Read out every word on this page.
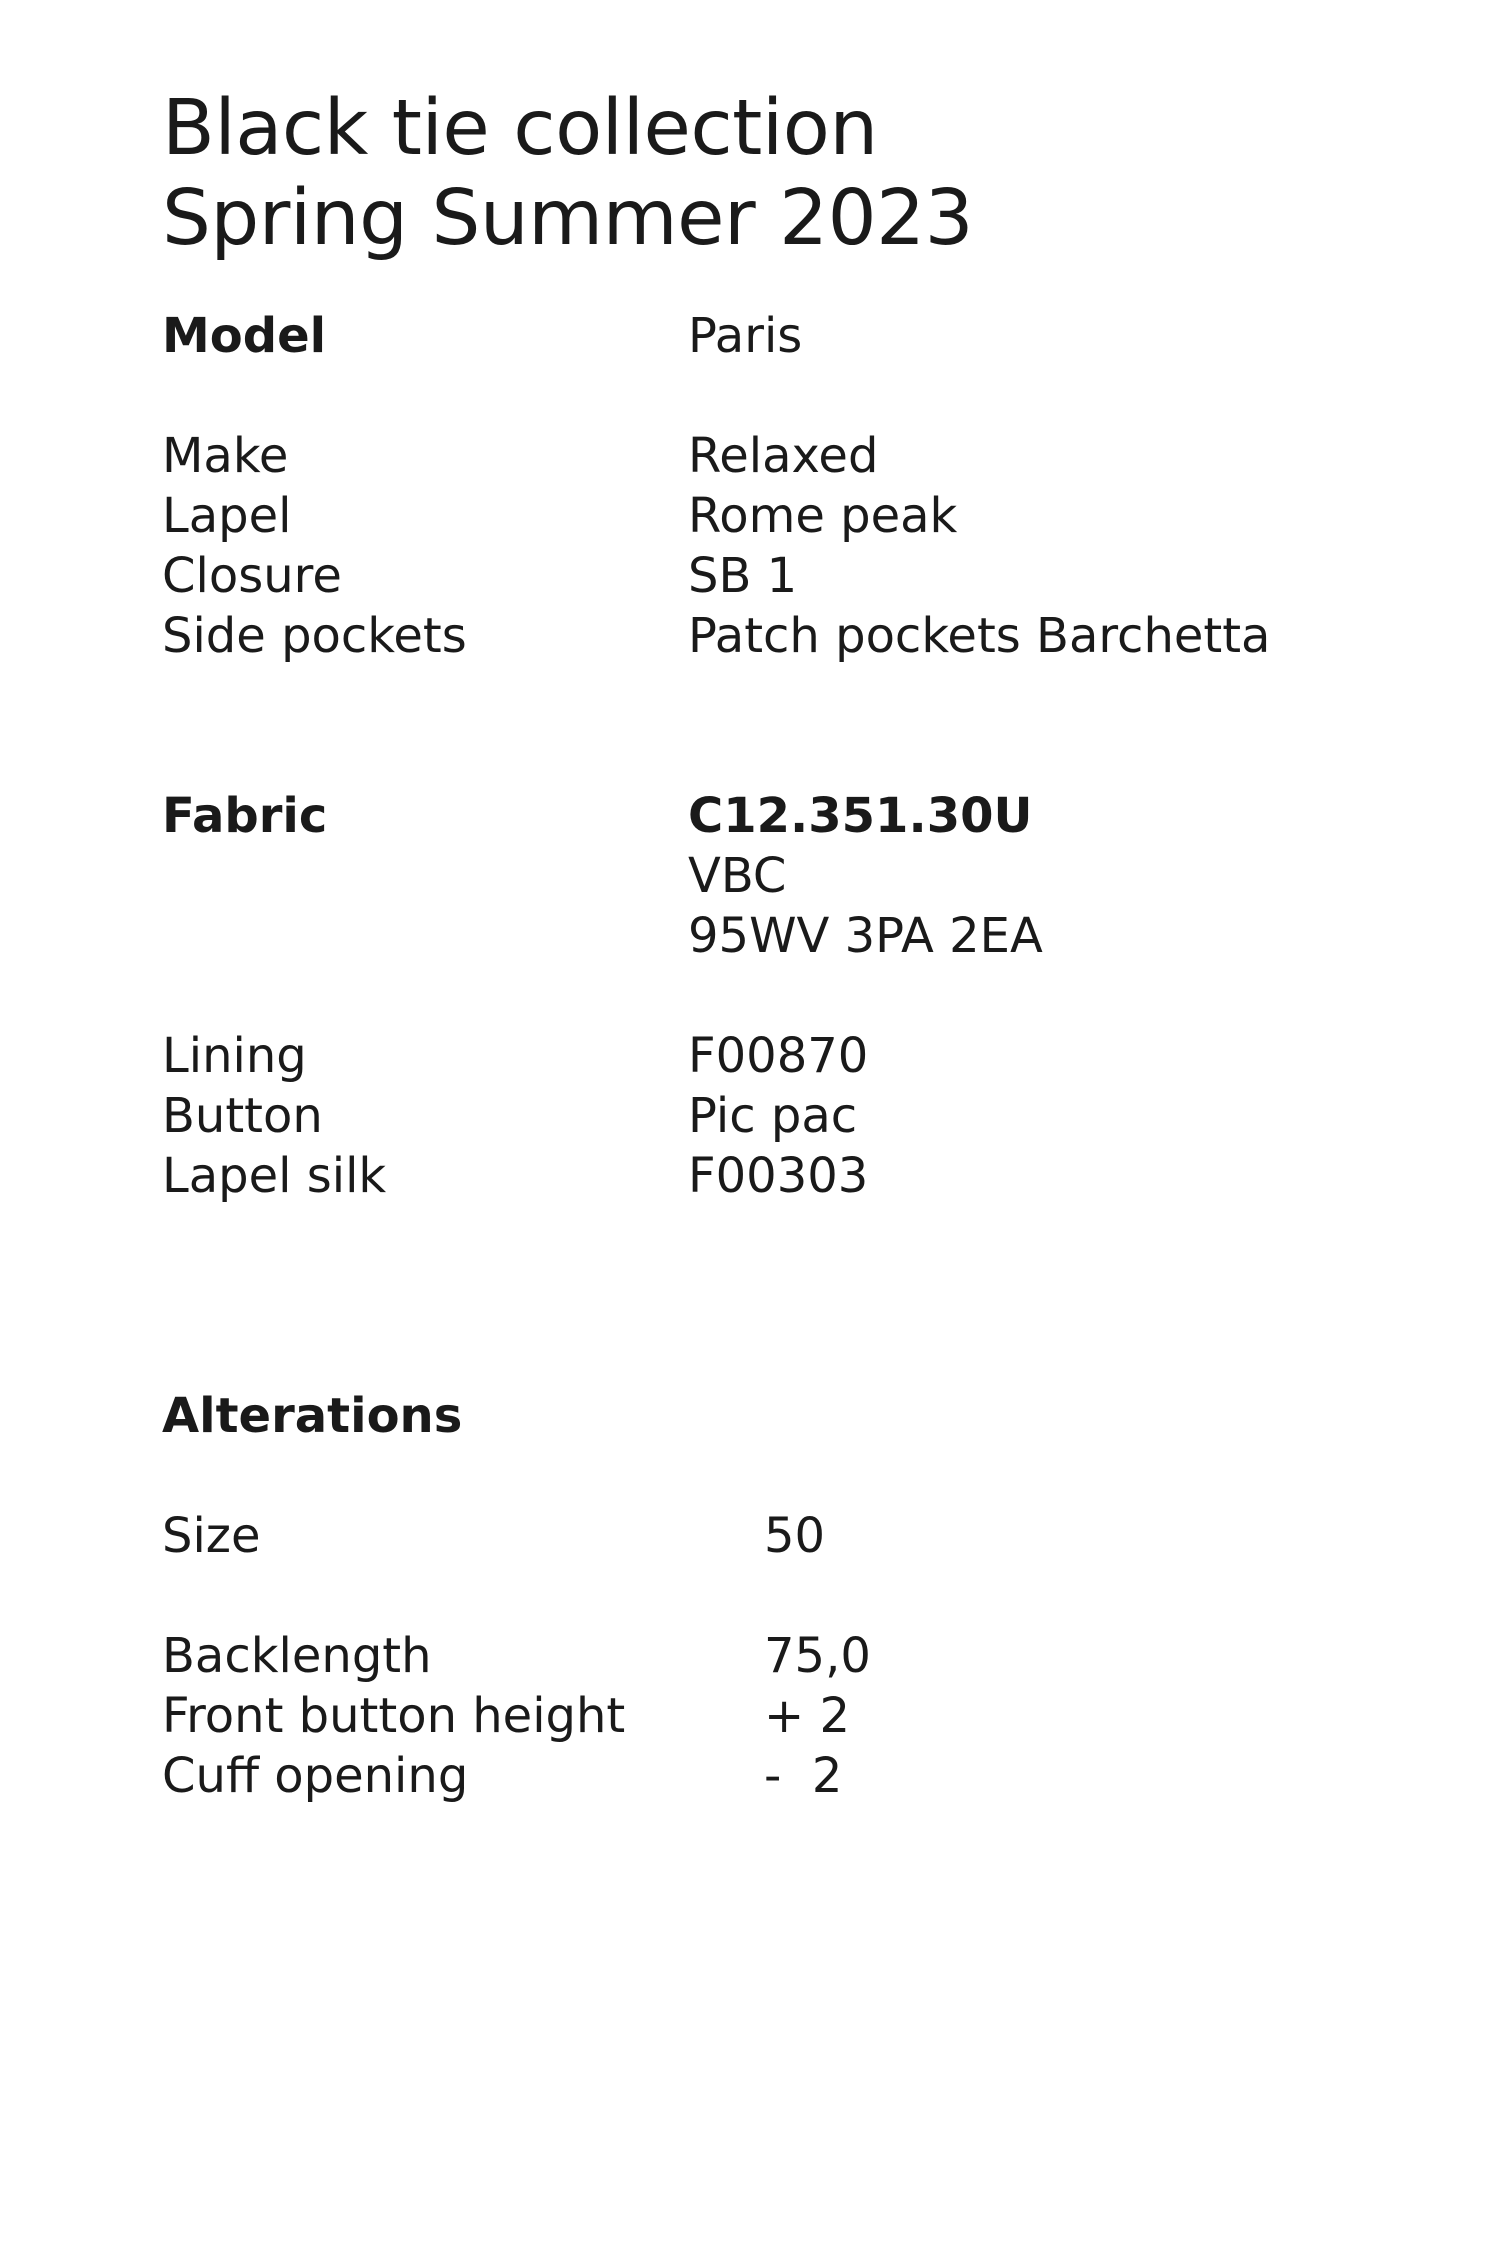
Black tie collection
Spring Summer 2023
Model	Paris
Make	Relaxed
Lapel	Rome peak
Closure	SB 1
Side pockets	Patch pockets Barchetta
Fabric	C12.351.30U
VBC
95WV 3PA 2EA
Lining	F00870
Button	Pic pac
Lapel silk	F00303
Alterations
Size	50
Backlength	75,0
Front button height	+ 2
Cuff opening	-  2
